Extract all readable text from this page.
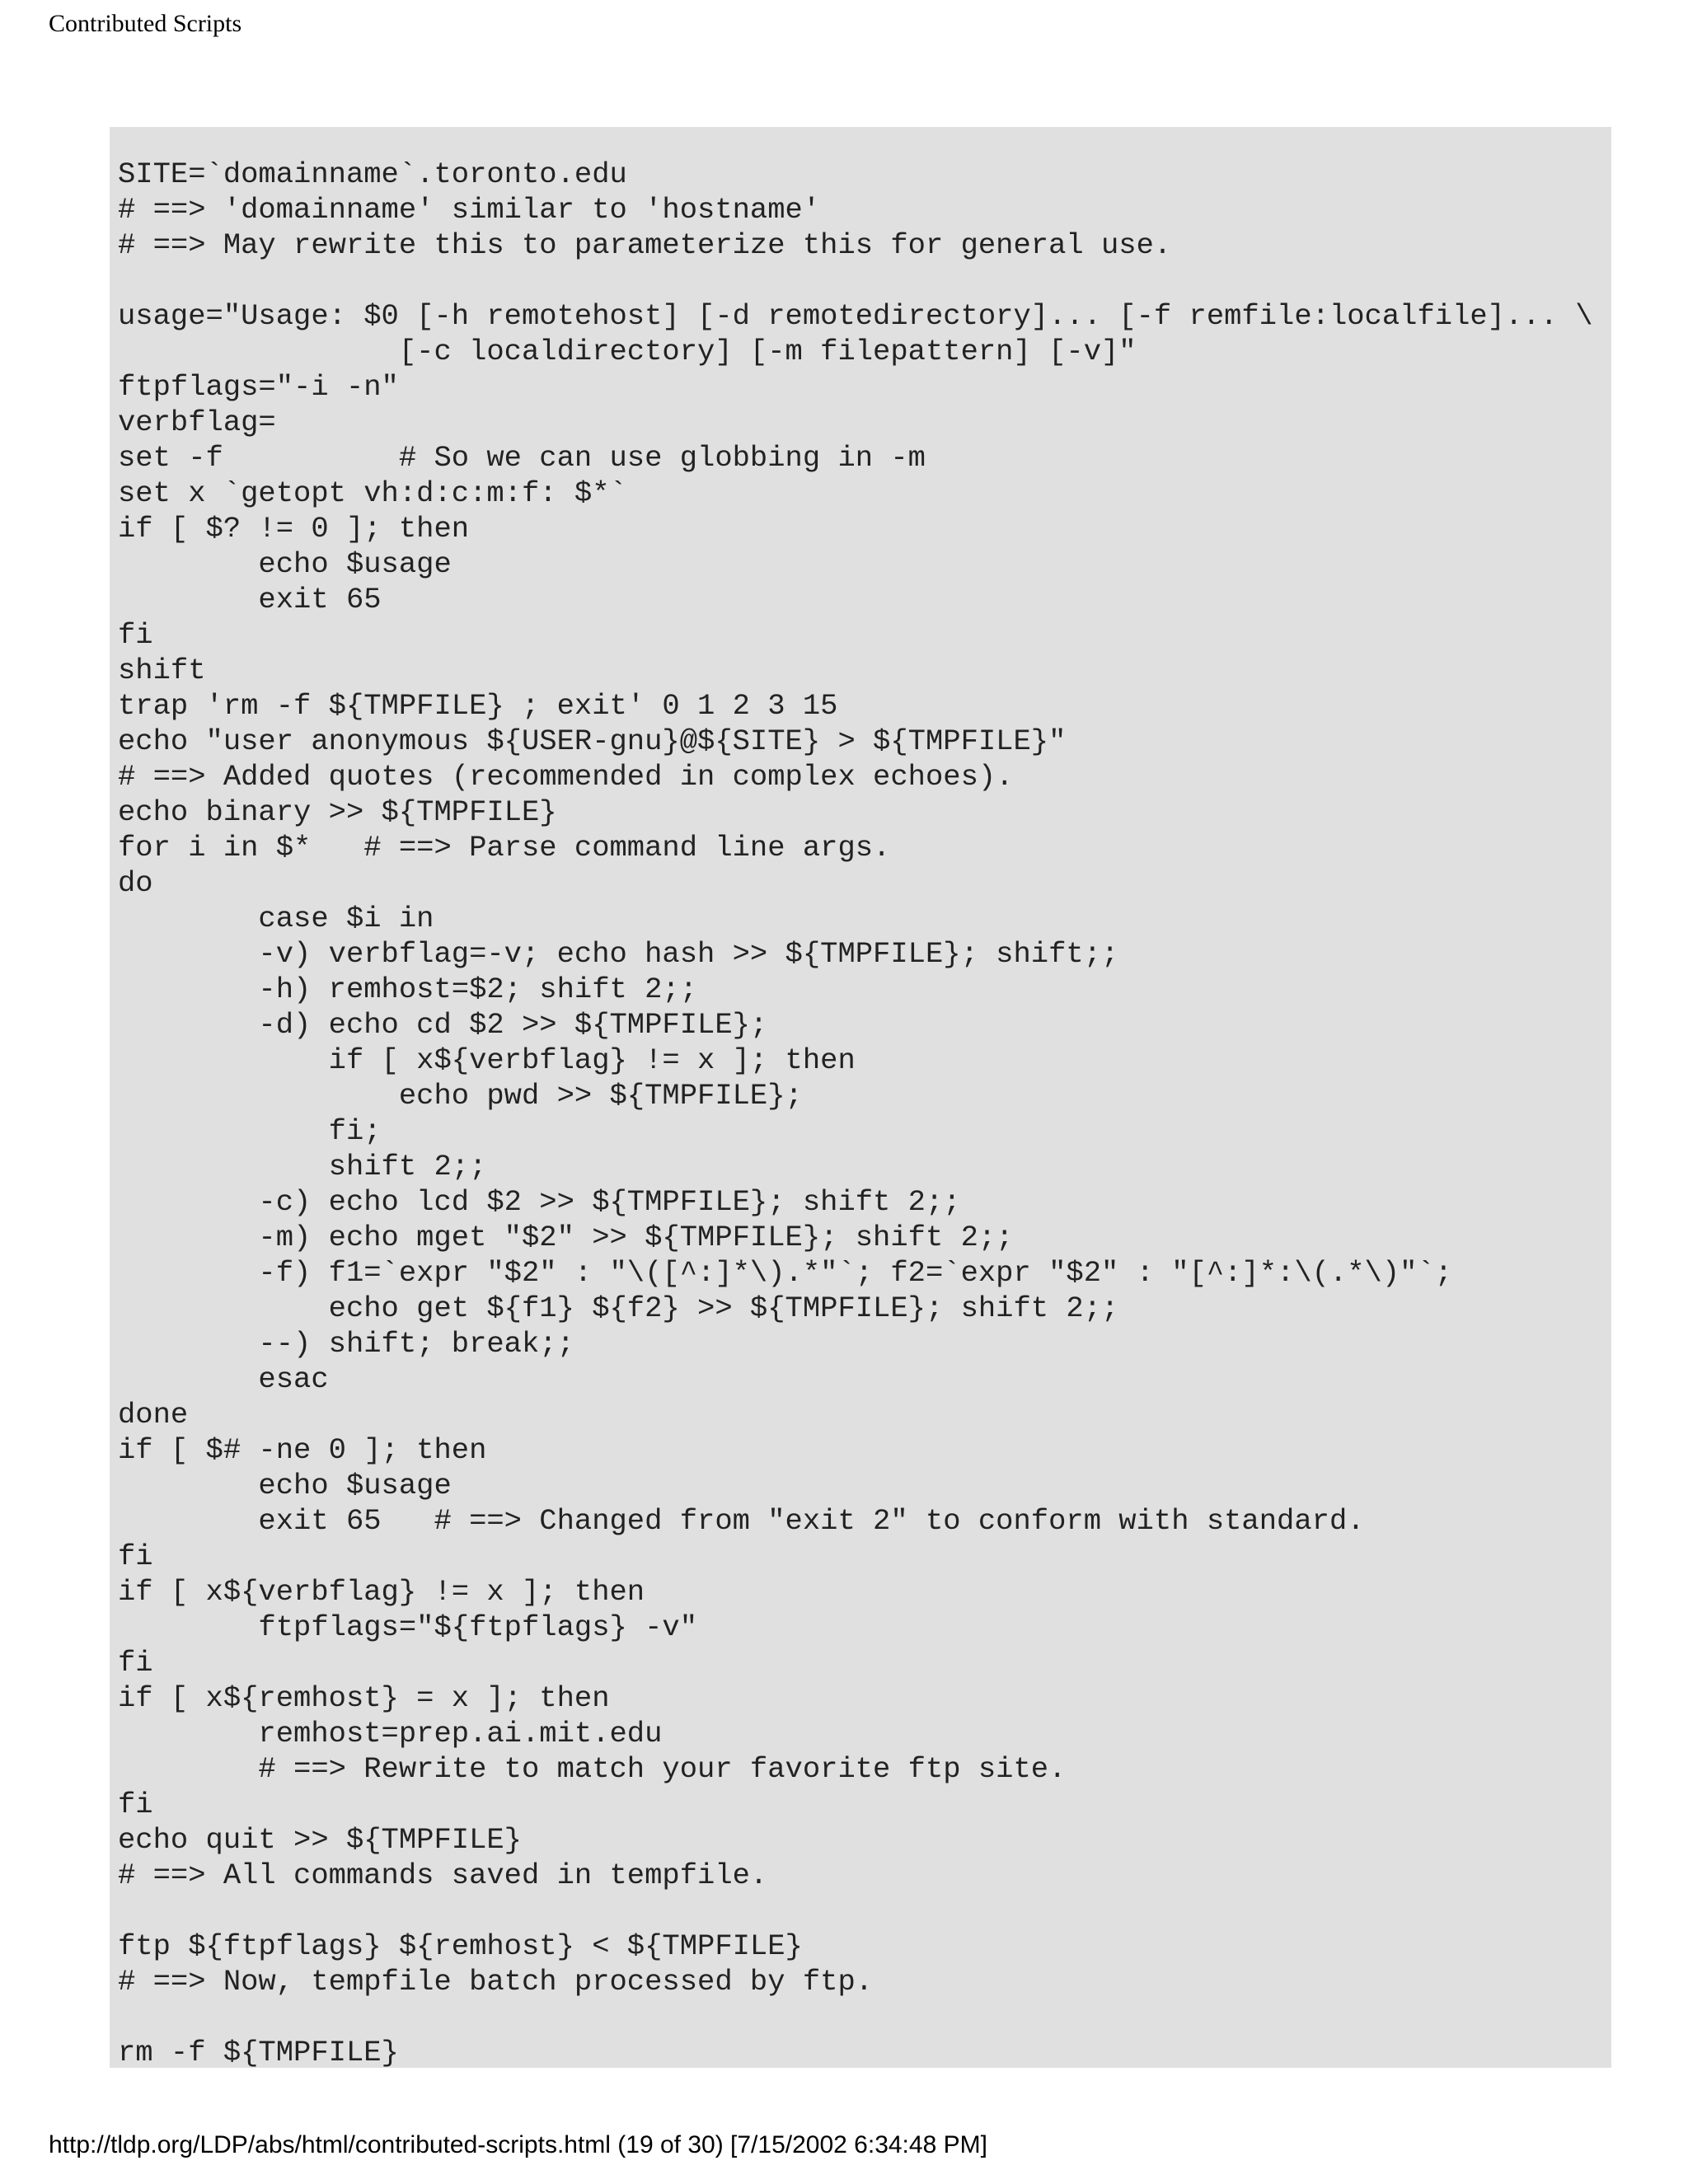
Contributed Scripts
SITE=`domainname`.toronto.edu
# ==> 'domainname' similar to 'hostname'
# ==> May rewrite this to parameterize this for general use.

usage="Usage: $0 [-h remotehost] [-d remotedirectory]... [-f remfile:localfile]... \
[-c localdirectory] [-m filepattern] [-v]"
ftpflags="-i -n"
verbflag=
set -f          # So we can use globbing in -m
set x `getopt vh:d:c:m:f: $*`
if [ $? != 0 ]; then
echo $usage
exit 65
fi
shift
trap 'rm -f ${TMPFILE} ; exit' 0 1 2 3 15
echo "user anonymous ${USER-gnu}@${SITE} > ${TMPFILE}"
# ==> Added quotes (recommended in complex echoes).
echo binary >> ${TMPFILE}
for i in $*   # ==> Parse command line args.
do
case $i in
-v) verbflag=-v; echo hash >> ${TMPFILE}; shift;;
-h) remhost=$2; shift 2;;
-d) echo cd $2 >> ${TMPFILE};
if [ x${verbflag} != x ]; then
echo pwd >> ${TMPFILE};
fi;
shift 2;;
-c) echo lcd $2 >> ${TMPFILE}; shift 2;;
-m) echo mget "$2" >> ${TMPFILE}; shift 2;;
-f) f1=`expr "$2" : "\([^:]*\).*"`; f2=`expr "$2" : "[^:]*:\(.*\)"`;
echo get ${f1} ${f2} >> ${TMPFILE}; shift 2;;
--) shift; break;;
esac
done
if [ $# -ne 0 ]; then
echo $usage
exit 65   # ==> Changed from "exit 2" to conform with standard.
fi
if [ x${verbflag} != x ]; then
ftpflags="${ftpflags} -v"
fi
if [ x${remhost} = x ]; then
remhost=prep.ai.mit.edu
# ==> Rewrite to match your favorite ftp site.
fi
echo quit >> ${TMPFILE}
# ==> All commands saved in tempfile.

ftp ${ftpflags} ${remhost} < ${TMPFILE}
# ==> Now, tempfile batch processed by ftp.

rm -f ${TMPFILE}
http://tldp.org/LDP/abs/html/contributed-scripts.html (19 of 30) [7/15/2002 6:34:48 PM]
